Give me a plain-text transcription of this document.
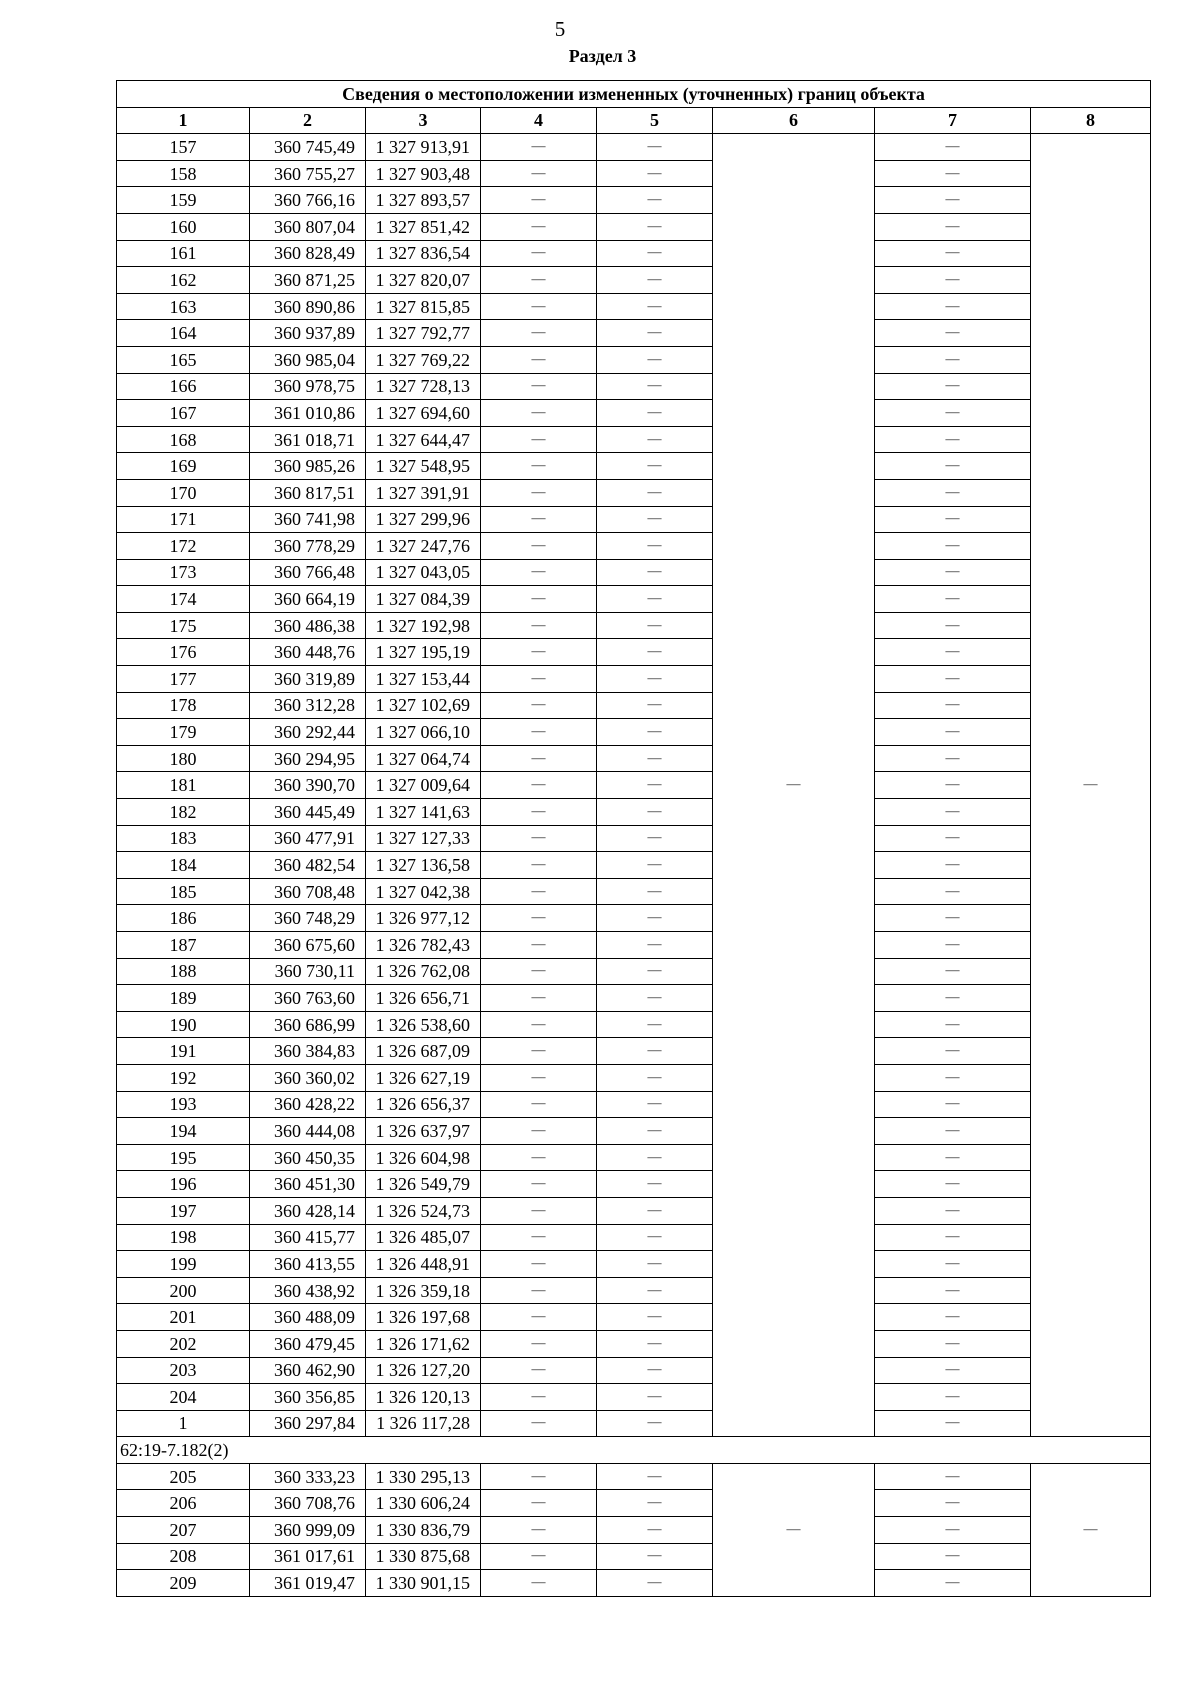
5
Раздел 3
Сведения о местоположении измененных (уточненных) границ объекта							
1	2	3	4	5	6	7	8
157	360 745,49	1 327 913,91	—	—	—	—	—
158	360 755,27	1 327 903,48	—	—		—	
159	360 766,16	1 327 893,57	—	—		—	
160	360 807,04	1 327 851,42	—	—		—	
161	360 828,49	1 327 836,54	—	—		—	
162	360 871,25	1 327 820,07	—	—		—	
163	360 890,86	1 327 815,85	—	—		—	
164	360 937,89	1 327 792,77	—	—		—	
165	360 985,04	1 327 769,22	—	—		—	
166	360 978,75	1 327 728,13	—	—		—	
167	361 010,86	1 327 694,60	—	—		—	
168	361 018,71	1 327 644,47	—	—		—	
169	360 985,26	1 327 548,95	—	—		—	
170	360 817,51	1 327 391,91	—	—		—	
171	360 741,98	1 327 299,96	—	—		—	
172	360 778,29	1 327 247,76	—	—		—	
173	360 766,48	1 327 043,05	—	—		—	
174	360 664,19	1 327 084,39	—	—		—	
175	360 486,38	1 327 192,98	—	—		—	
176	360 448,76	1 327 195,19	—	—		—	
177	360 319,89	1 327 153,44	—	—		—	
178	360 312,28	1 327 102,69	—	—		—	
179	360 292,44	1 327 066,10	—	—		—	
180	360 294,95	1 327 064,74	—	—		—	
181	360 390,70	1 327 009,64	—	—		—	
182	360 445,49	1 327 141,63	—	—		—	
183	360 477,91	1 327 127,33	—	—		—	
184	360 482,54	1 327 136,58	—	—		—	
185	360 708,48	1 327 042,38	—	—		—	
186	360 748,29	1 326 977,12	—	—		—	
187	360 675,60	1 326 782,43	—	—		—	
188	360 730,11	1 326 762,08	—	—		—	
189	360 763,60	1 326 656,71	—	—		—	
190	360 686,99	1 326 538,60	—	—		—	
191	360 384,83	1 326 687,09	—	—		—	
192	360 360,02	1 326 627,19	—	—		—	
193	360 428,22	1 326 656,37	—	—		—	
194	360 444,08	1 326 637,97	—	—		—	
195	360 450,35	1 326 604,98	—	—		—	
196	360 451,30	1 326 549,79	—	—		—	
197	360 428,14	1 326 524,73	—	—		—	
198	360 415,77	1 326 485,07	—	—		—	
199	360 413,55	1 326 448,91	—	—		—	
200	360 438,92	1 326 359,18	—	—		—	
201	360 488,09	1 326 197,68	—	—		—	
202	360 479,45	1 326 171,62	—	—		—	
203	360 462,90	1 326 127,20	—	—		—	
204	360 356,85	1 326 120,13	—	—		—	
1	360 297,84	1 326 117,28	—	—		—	
62:19-7.182(2)							
205	360 333,23	1 330 295,13	—	—	—	—	—
206	360 708,76	1 330 606,24	—	—		—	
207	360 999,09	1 330 836,79	—	—		—	
208	361 017,61	1 330 875,68	—	—		—	
209	361 019,47	1 330 901,15	—	—		—	
